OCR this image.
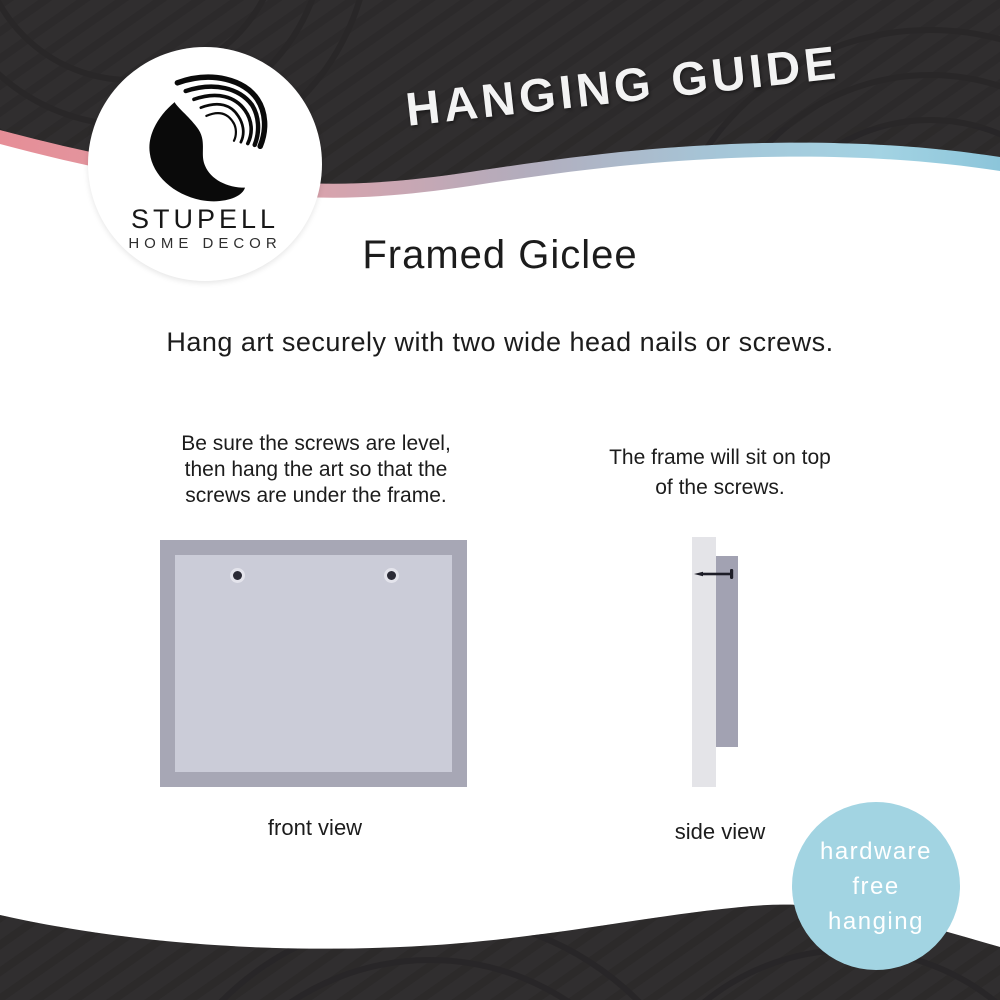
STUPELL
HOME DECOR
HANGING GUIDE
Framed Giclee
Hang art securely with two wide head nails or screws.
Be sure the screws are level,
then hang the art so that the
screws are under the frame.
The frame will sit on top
of the screws.
front view	side view
hardware
free
hanging
